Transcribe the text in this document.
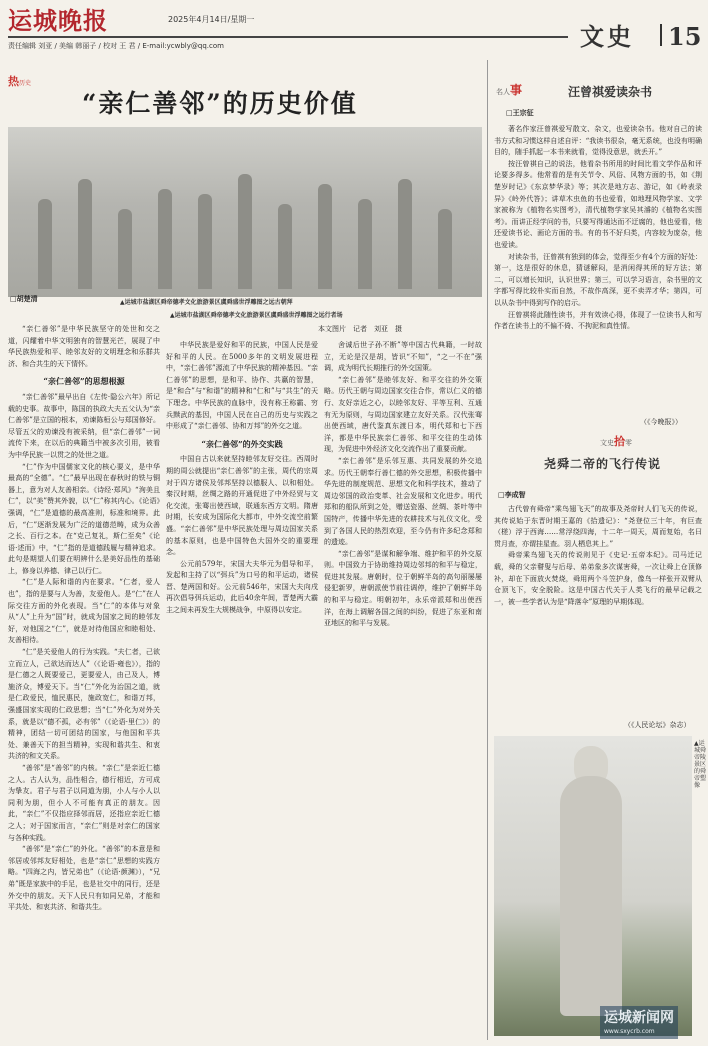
运城晚报	2025年4月14日/星期一
责任编辑 刘亚 / 美编 韩丽子 / 校对 王 君 / E-mail:ycwbly@qq.com	文史 15
热历史
“亲仁善邻”的历史价值
□胡楚清	▲运城市盐湖区舜帝德孝文化旅游景区虞舜盛世浮雕图之远古朝拜

“亲仁善邻”是中华民族坚守的处世和交之道，闪耀着中华文明独有的智慧光芒，展现了中华民族热爱和平、睦邻友好的文明理念和乐群共济、和合共生的天下情怀。

“亲仁善邻”的思想根源

“亲仁善邻”最早出自《左传·隐公六年》所记载的史事。故事中，陈国的执政大夫五父认为“亲仁善邻”是立国的根本，劝谏陈桓公与郑国修好。尽管五父的劝谏没有被采纳，但“亲仁善邻”一词流传下来，在以后的典籍当中被多次引用，被看为中华民族一以贯之的处世之道。

“仁”作为中国儒家文化的核心要义，是中华最高的“全德”。“仁”最早出现在春秋时的铁与铜器上，意为对人友善相亲。《诗经·郑风》“洵美且仁”，以“美”赞其外貌，以“仁”称其内心。《论语》强调，“仁”是道德的最高准则，标准和境界。此后，“仁”逐渐发展为广泛的道德范畴，成为众善之长、百行之本。在“克己复礼，斯仁至矣”《论语·述而》中，“仁”指的是道德践履与精神追求。此句是期望人们要在明辨什么是美好品性的基础上，修身以养德、律己以行仁。

“仁”是人际和谐的内在要求。“仁者，爱人也”，指的是要与人为善，友爱他人。是“仁”在人际交往方面的外化表现。当“仁”的本体与对象从“人”上升为“国”时，就成为国家之间的睦邻友好，对他国之“仁”，就是对待他国应和睦相处、友善相待。

“仁”是关爱他人的行为实践。“夫仁者，己欲立而立人，己欲达而达人”（《论语·雍也》），指的是仁德之人既要爱己，更要爱人，由己及人，博施济众，博爱天下。当“仁”外化为治国之道，就是仁政爱民，恤民惠民，施政宽仁，和谐万邦，强盛国家实现的仁政思想；当“仁”外化为对外关系，就是以“德不孤，必有邻”（《论语·里仁》）的精神，团结一切可团结的国家，与他国和平共处、兼善天下的担当精神，实现和谐共生、和衷共济的和文关系。

“善邻”是“善邻”的内核。“亲仁”是亲近仁德之人。古人认为，品性相合，德行相近，方可成为挚友。君子与君子以同道为朋，小人与小人以同利为朋，但小人不可能有真正的朋友。因此，“亲仁”不仅指应择邻而居，还指应亲近仁德之人；对于国家而言，“亲仁”则是对亲仁的国家与各种实践。

“善邻”是“亲仁”的外化。“善邻”的本意是和邻居或邻邦友好相处，也是“亲仁”思想的实践方略。“四海之内，皆兄弟也”（《论语·颜渊》），“兄弟”既是家族中的手足，也是社交中的同行，还是外交中的朋友。天下人民只有如同兄弟，才能和平共处、和衷共济、和谐共生。

▲运城市盐湖区舜帝德孝文化旅游景区虞舜盛世浮雕图之远行者场
本文图片　记者　刘亚　摄

中华民族是爱好和平的民族，中国人民是爱好和平的人民。在5000多年的文明发展进程中，“亲仁善邻”源流了中华民族的精神基因。“亲仁善邻”的思想，是和平、协作、共赢的智慧，是“和合”与“和谐”的精神和“仁和”与“共生”的天下理念。中华民族的血脉中，没有称王称霸、穷兵黩武的基因，中国人民在自己的历史与实践之中形成了“亲仁善邻、协和万邦”的外交之道。

“亲仁善邻”的外交实践

中国自古以来就坚持睦邻友好交往。西周时期的周公就提出“亲仁善邻”的主张，周代的宗周对于四方诸侯及邻邦坚持以德服人、以和相处。秦汉时期，丝绸之路的开通促进了中外经贸与文化交流，张骞出使西域，联通东西方文明。隋唐时期，长安成为国际化大都市，中外交流空前繁盛。“亲仁善邻”是中华民族处理与周边国家关系的基本原则，也是中国特色大国外交的重要理念。

公元前579年，宋国大夫华元为倡导和平，发起和主持了以“弭兵”为口号的和平运动，诸侯晋、楚两国和好。公元前546年，宋国大夫向戌再次倡导弭兵运动，此后40余年间，晋楚两大霸主之间未再发生大规模战争，中原得以安定。

舍诚后世子孙不断”等中国古代典籍，一时故立，无论是汉是胡，皆识“不知”，“之一不在”强调，成为明代长期推行的外交国策。

“亲仁善邻”是睦邻友好、和平交往的外交策略。历代王朝与周边国家交往合作，常以仁义的德行、友好亲近之心，以睦邻友好、平等互利、互通有无为原则，与周边国家建立友好关系。汉代张骞出使西域，唐代鉴真东渡日本，明代郑和七下西洋，都是中华民族亲仁善邻、和平交往的生动体现，为促进中外经济文化交流作出了重要贡献。

“亲仁善邻”是乐邻互惠、共同发展的外交追求。历代王朝奉行善仁德的外交思想，积极传播中华先进的制度规范、思想文化和科学技术，推动了周边邻国的政治变革、社会发展和文化进步。明代郑和的船队所到之处，赠送瓷器、丝绸、茶叶等中国特产，传播中华先进的农耕技术与礼仪文化，受到了各国人民的热烈欢迎，至今仍有许多纪念郑和的遗迹。

“亲仁善邻”是谋和解争端、维护和平的外交原则。中国致力于协助维持周边邻邦的和平与稳定，促进其发展。唐朝时，位于朝鲜半岛的高句丽屡屡侵犯新罗，唐朝派使节前往调停，维护了朝鲜半岛的和平与稳定。明朝初年，永乐帝派郑和出使西洋，在海上调解各国之间的纠纷，促进了东亚和南亚地区的和平与发展。

名人事	汪曾祺爱读杂书
□王宗征

著名作家汪曾祺爱写散文、杂文，也爱读杂书。他对自己的读书方式和习惯这样自述自评：“我读书很杂，毫无系统，也没有明确目的，随手抓起一本书来就看，觉得没意思，就丢开。”

按汪曾祺自己的说法，他看杂书所用的时间比看文学作品和评论要多得多。他常看的是有关节令、风俗、风物方面的书，如《荆楚岁时记》《东京梦华录》等；其次是地方志、游记，如《岭表录异》《岭外代答》；讲草木虫鱼的书也爱看，如地理风物学家、文学家被称为《植物名实图考》，清代植物学家吴其濬的《植物名实图考》。而讲正经学问的书，只要写得通达而不迂腐的，他也爱看，他还爱读书论、画论方面的书。有的书不好归类，内容较为庞杂，他也爱读。

对读杂书，汪曾祺有独到的体会，觉得至少有4个方面的好处：第一，这是很好的休息，猜谜解闷，是消闲得其所的好方法；第二，可以增长知识，认识世界；第三，可以学习语言，杂书里的文字都写得比较朴实而自然，不故作高深，更不卖弄才华；第四，可以从杂书中得到写作的启示。

汪曾祺将此随性读书，并有效读心得，体现了一位读书人和写作者在读书上的不偏不倚、不拘泥和真性情。

（《今晚报》）
文史拾零
尧舜二帝的飞行传说
□李成智

古代曾有舜帝“乘鸟翅飞天”的故事及尧帝时人们飞天的传说，其传说始于东晋时期王嘉的《拾遗记》：“尧登位三十年，有巨查（槎）浮于西海……常浮绕四海，十二年一周天，周而复始，名曰贯月查，亦谓挂星查。羽人栖息其上。”

舜帝乘鸟翅飞天的传说则见于《史记·五帝本纪》。司马迁记载，舜的父亲瞽叟与后母、弟弟象多次谋害舜，一次让舜上仓顶修补，却在下面放火焚烧，舜用两个斗笠护身，像鸟一样张开双臂从仓顶飞下，安全脱险。这是中国古代关于人类飞行的最早记载之一，被一些学者认为是“降落伞”原理的早期体现。

（《人民论坛》杂志）
▲运城舜帝陵景区的舜帝塑像
运城新闻网
www.sxycrb.com
